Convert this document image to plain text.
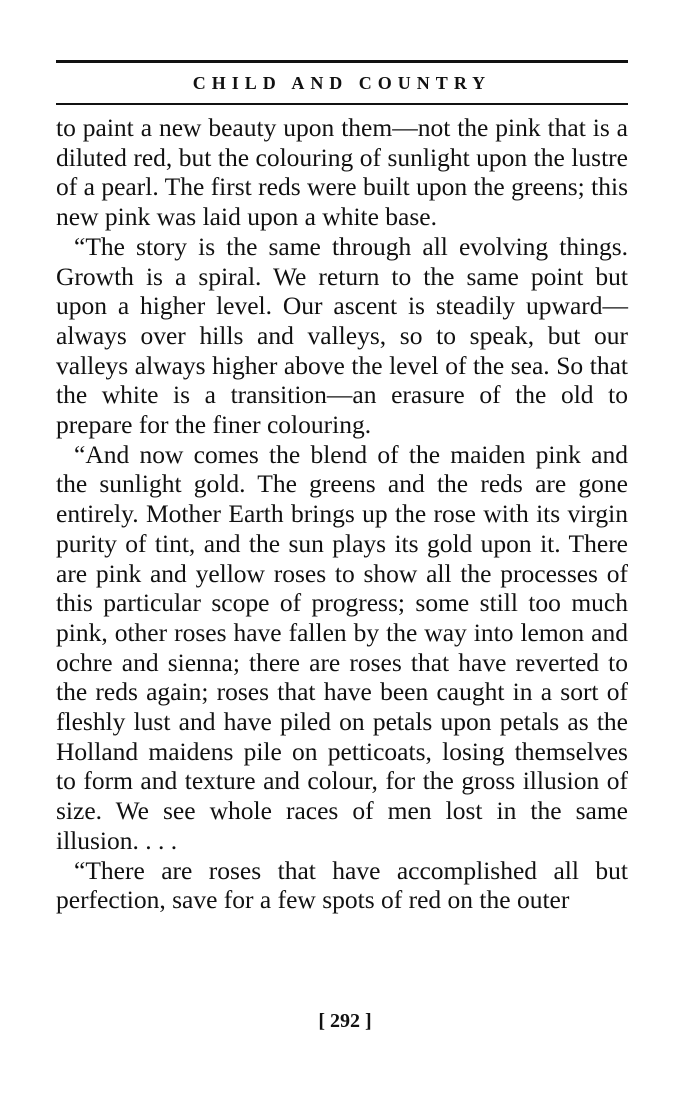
CHILD AND COUNTRY

to paint a new beauty upon them—not the pink that is a diluted red, but the colouring of sunlight upon the lustre of a pearl. The first reds were built upon the greens; this new pink was laid upon a white base.

“The story is the same through all evolving things. Growth is a spiral. We return to the same point but upon a higher level. Our ascent is steadily upward—always over hills and valleys, so to speak, but our valleys always higher above the level of the sea. So that the white is a transition—an erasure of the old to prepare for the finer colouring.

“And now comes the blend of the maiden pink and the sunlight gold. The greens and the reds are gone entirely. Mother Earth brings up the rose with its virgin purity of tint, and the sun plays its gold upon it. There are pink and yellow roses to show all the processes of this particular scope of progress; some still too much pink, other roses have fallen by the way into lemon and ochre and sienna; there are roses that have reverted to the reds again; roses that have been caught in a sort of fleshly lust and have piled on petals upon petals as the Holland maidens pile on petticoats, losing themselves to form and texture and colour, for the gross illusion of size. We see whole races of men lost in the same illusion. . . .

“There are roses that have accomplished all but perfection, save for a few spots of red on the outer

[ 292 ]
